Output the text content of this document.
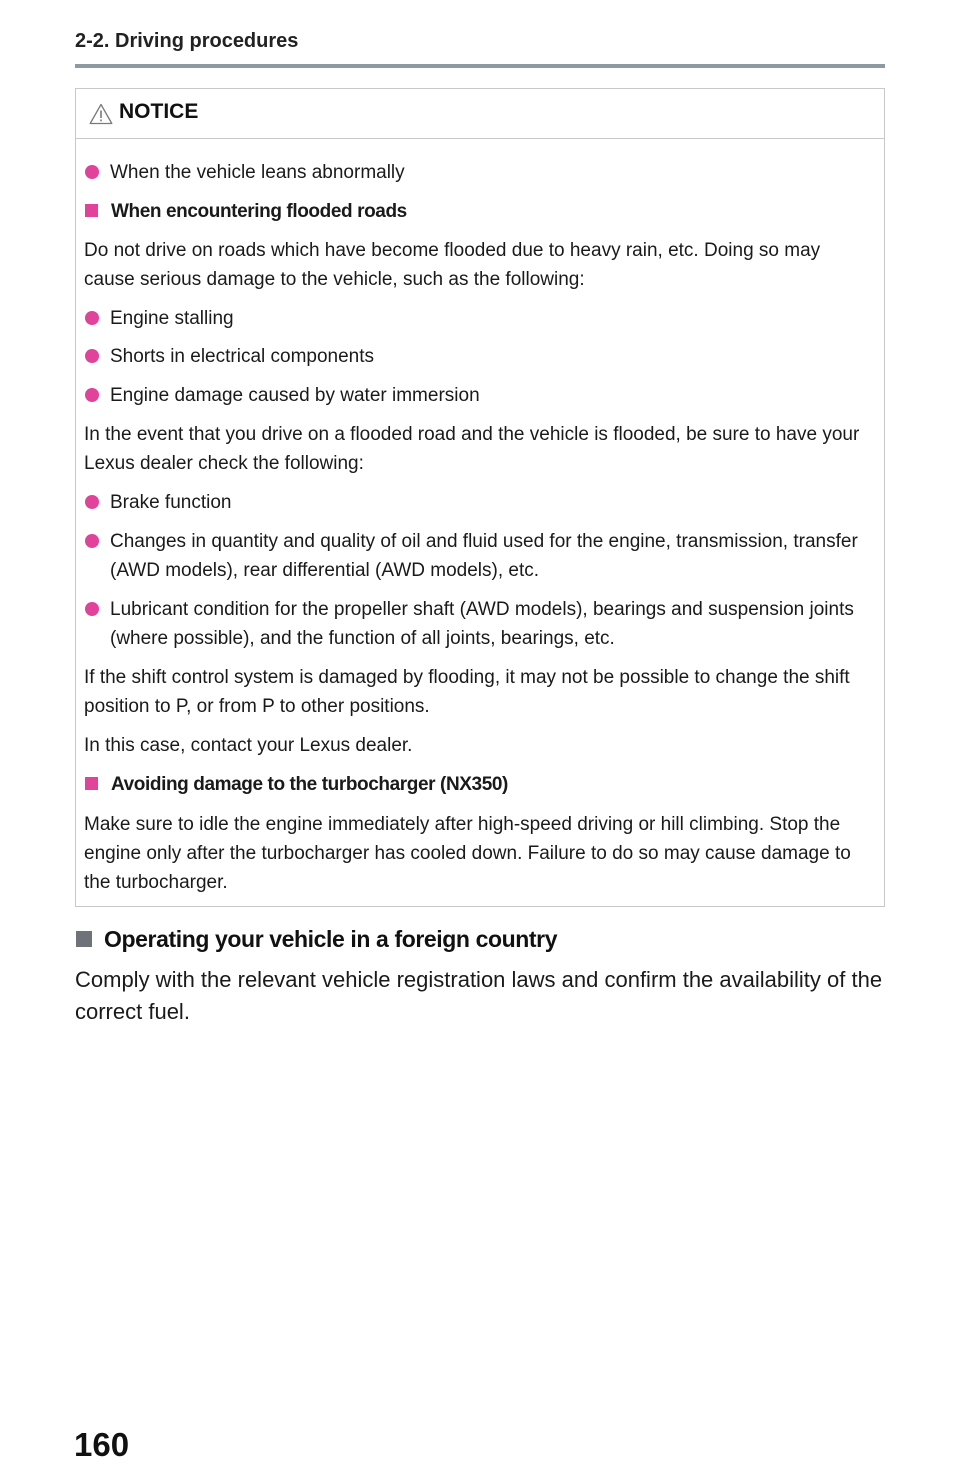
2-2. Driving procedures
NOTICE
When the vehicle leans abnormally
When encountering flooded roads
Do not drive on roads which have become flooded due to heavy rain, etc. Doing so may cause serious damage to the vehicle, such as the following:
Engine stalling
Shorts in electrical components
Engine damage caused by water immersion
In the event that you drive on a flooded road and the vehicle is flooded, be sure to have your Lexus dealer check the following:
Brake function
Changes in quantity and quality of oil and fluid used for the engine, transmission, transfer (AWD models), rear differential (AWD models), etc.
Lubricant condition for the propeller shaft (AWD models), bearings and suspension joints (where possible), and the function of all joints, bearings, etc.
If the shift control system is damaged by flooding, it may not be possible to change the shift position to P, or from P to other positions.
In this case, contact your Lexus dealer.
Avoiding damage to the turbocharger (NX350)
Make sure to idle the engine immediately after high-speed driving or hill climbing. Stop the engine only after the turbocharger has cooled down. Failure to do so may cause damage to the turbocharger.
Operating your vehicle in a foreign country
Comply with the relevant vehicle registration laws and confirm the availability of the correct fuel.
160
